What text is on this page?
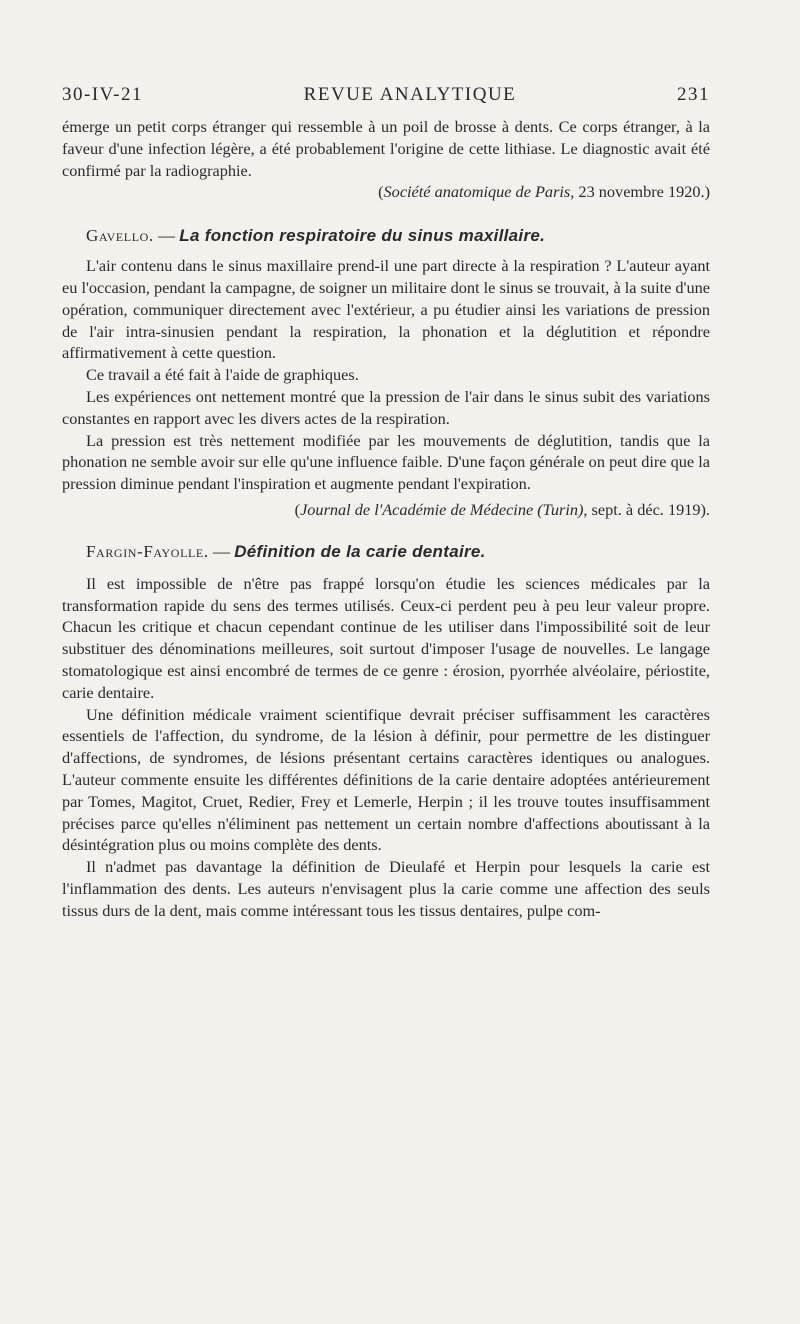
30-IV-21	REVUE ANALYTIQUE	231

émerge un petit corps étranger qui ressemble à un poil de brosse à dents. Ce corps étranger, à la faveur d'une infection légère, a été probablement l'origine de cette lithiase. Le diagnostic avait été confirmé par la radiographie.

(Société anatomique de Paris, 23 novembre 1920.)
Gavello. — La fonction respiratoire du sinus maxillaire.

L'air contenu dans le sinus maxillaire prend-il une part directe à la respiration ? L'auteur ayant eu l'occasion, pendant la campagne, de soigner un militaire dont le sinus se trouvait, à la suite d'une opération, communiquer directement avec l'extérieur, a pu étudier ainsi les variations de pression de l'air intra-sinusien pendant la respiration, la phonation et la déglutition et répondre affirmativement à cette question.

Ce travail a été fait à l'aide de graphiques.

Les expériences ont nettement montré que la pression de l'air dans le sinus subit des variations constantes en rapport avec les divers actes de la respiration.

La pression est très nettement modifiée par les mouvements de déglutition, tandis que la phonation ne semble avoir sur elle qu'une influence faible. D'une façon générale on peut dire que la pression diminue pendant l'inspiration et augmente pendant l'expiration.

(Journal de l'Académie de Médecine (Turin), sept. à déc. 1919).
Fargin-Fayolle. — Définition de la carie dentaire.

Il est impossible de n'être pas frappé lorsqu'on étudie les sciences médicales par la transformation rapide du sens des termes utilisés. Ceux-ci perdent peu à peu leur valeur propre. Chacun les critique et chacun cependant continue de les utiliser dans l'impossibilité soit de leur substituer des dénominations meilleures, soit surtout d'imposer l'usage de nouvelles. Le langage stomatologique est ainsi encombré de termes de ce genre : érosion, pyorrhée alvéolaire, périostite, carie dentaire.

Une définition médicale vraiment scientifique devrait préciser suffisamment les caractères essentiels de l'affection, du syndrome, de la lésion à définir, pour permettre de les distinguer d'affections, de syndromes, de lésions présentant certains caractères identiques ou analogues. L'auteur commente ensuite les différentes définitions de la carie dentaire adoptées antérieurement par Tomes, Magitot, Cruet, Redier, Frey et Lemerle, Herpin ; il les trouve toutes insuffisamment précises parce qu'elles n'éliminent pas nettement un certain nombre d'affections aboutissant à la désintégration plus ou moins complète des dents.

Il n'admet pas davantage la définition de Dieulafé et Herpin pour lesquels la carie est l'inflammation des dents. Les auteurs n'envisagent plus la carie comme une affection des seuls tissus durs de la dent, mais comme intéressant tous les tissus dentaires, pulpe com-
